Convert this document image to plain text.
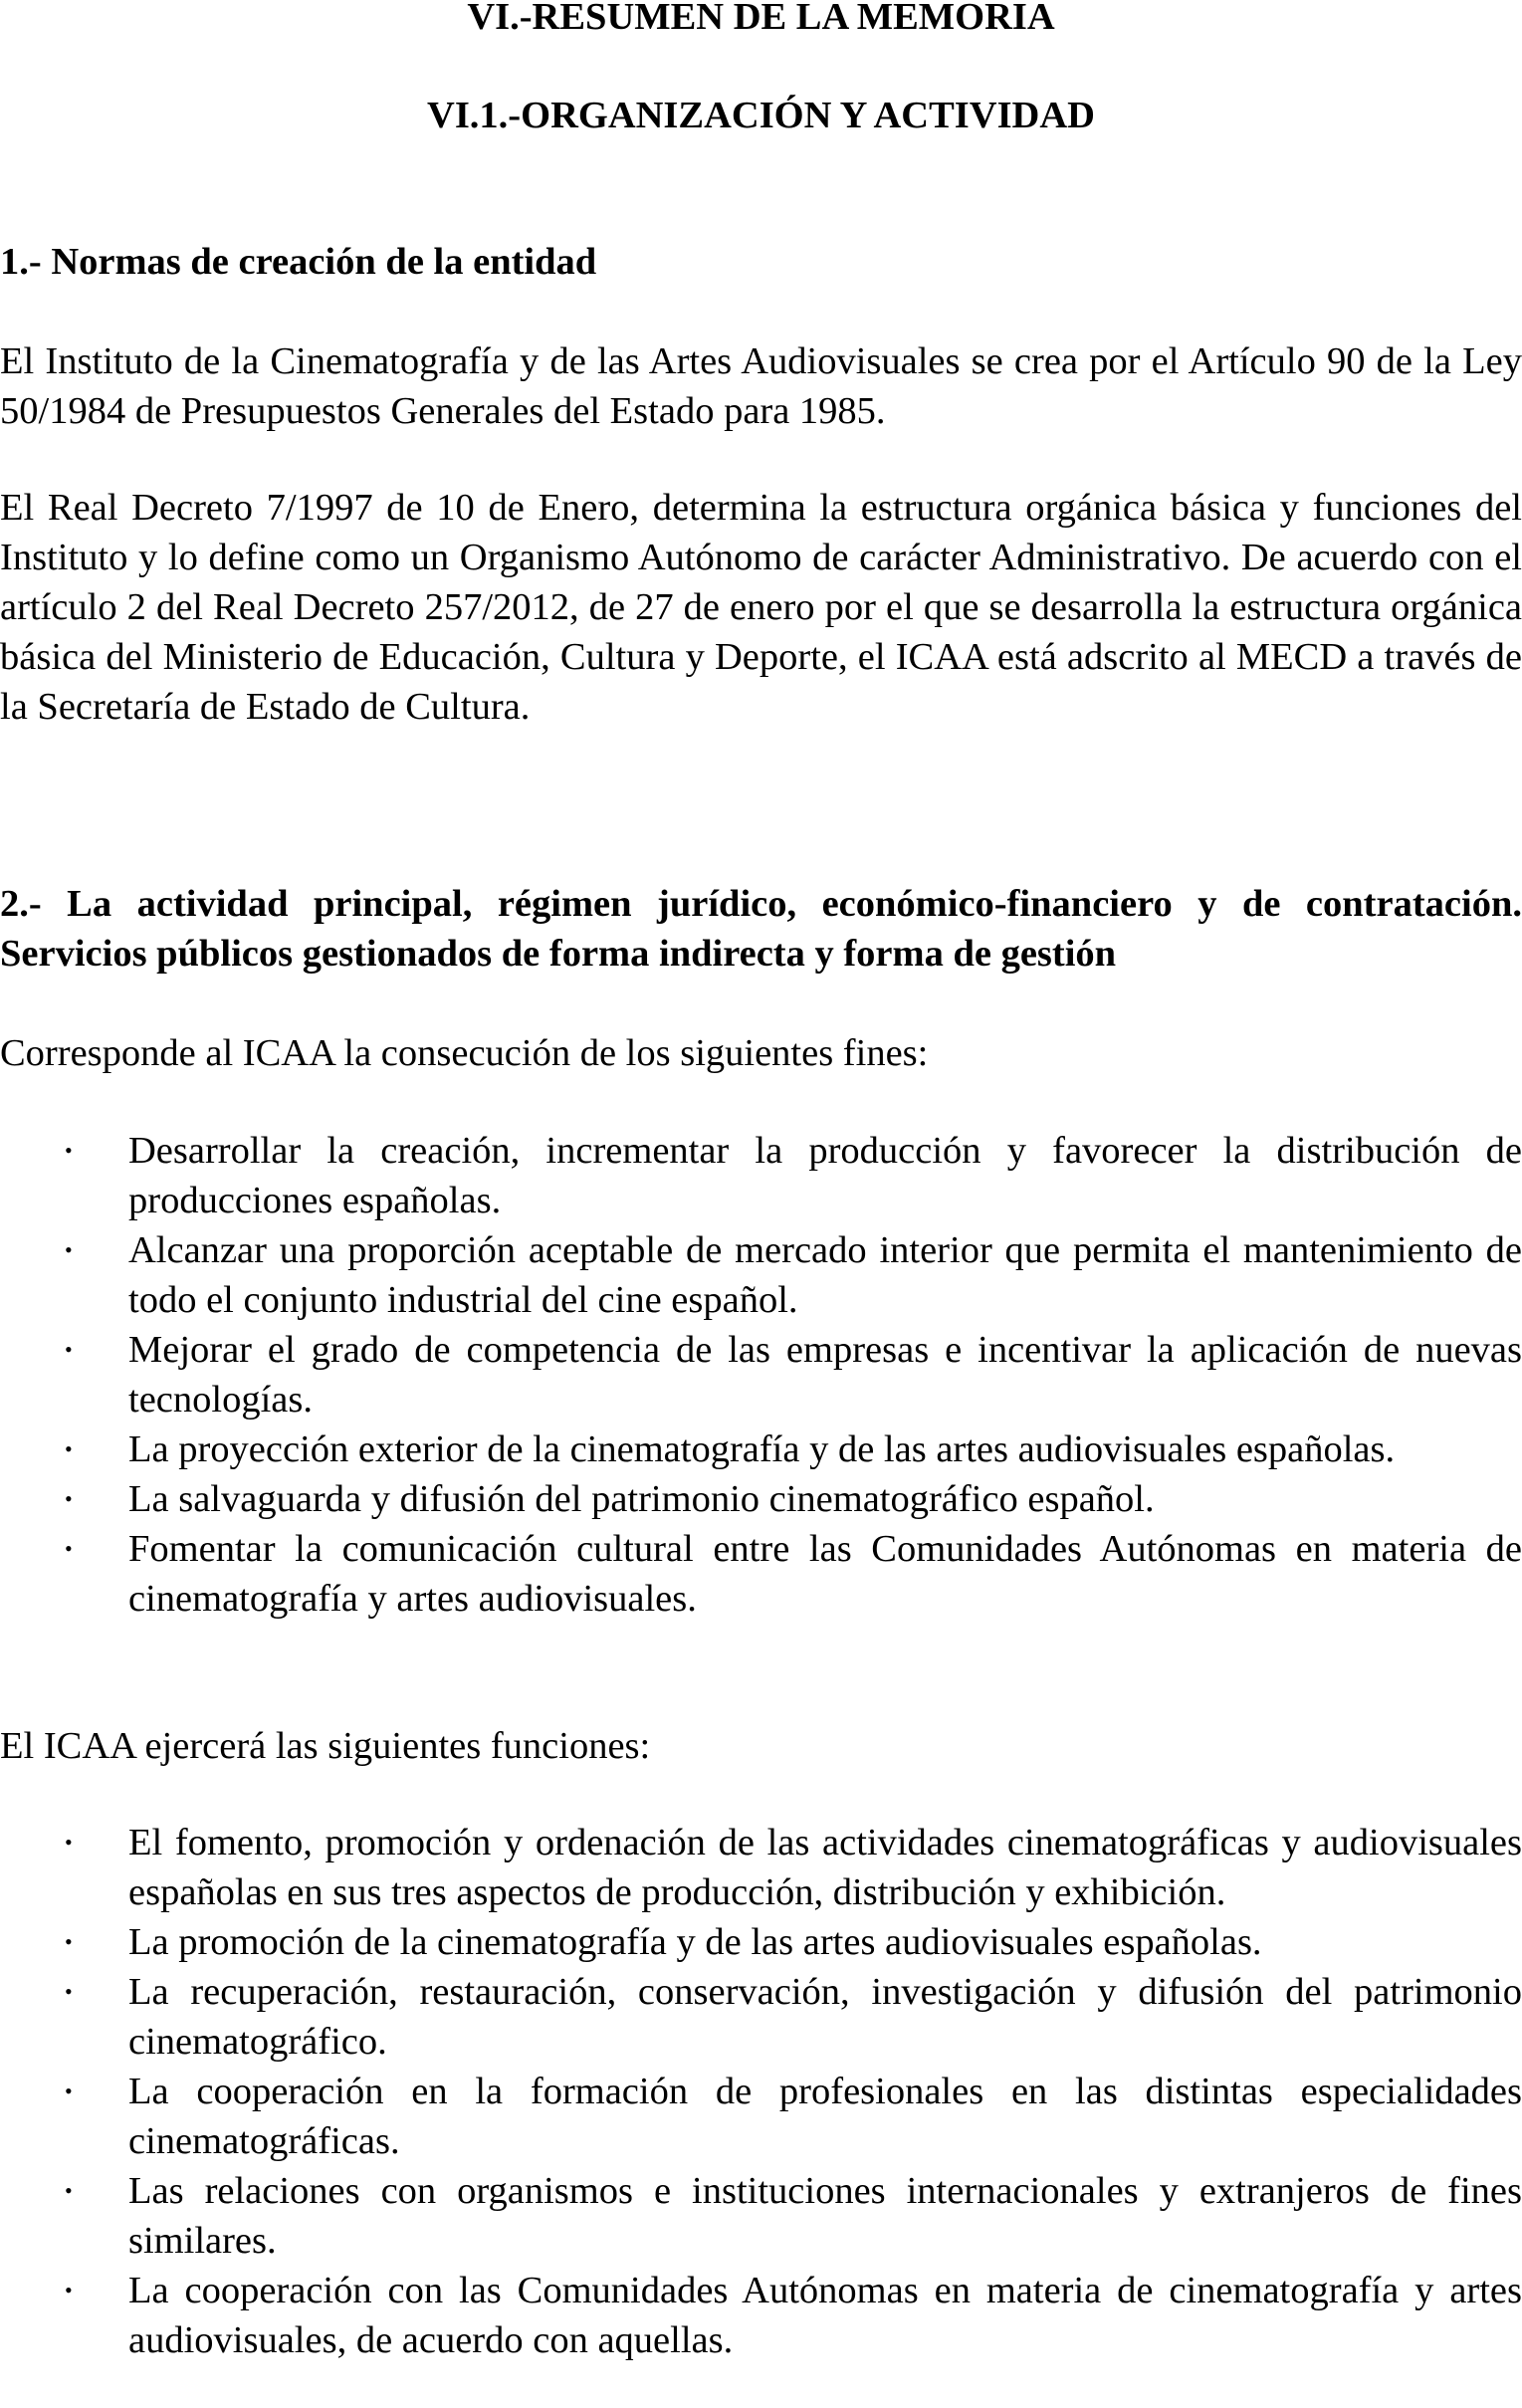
VI.-RESUMEN DE LA MEMORIA
VI.1.-ORGANIZACIÓN Y ACTIVIDAD
1.- Normas de creación de la entidad

El Instituto de la Cinematografía y de las Artes Audiovisuales se crea por el Artículo 90 de la Ley 50/1984 de Presupuestos Generales del Estado para 1985.

El Real Decreto 7/1997 de 10 de Enero, determina la estructura orgánica básica y funciones del Instituto y lo define como un Organismo Autónomo de carácter Administrativo. De acuerdo con el artículo 2 del Real Decreto 257/2012, de 27 de enero por el que se desarrolla la estructura orgánica básica del Ministerio de Educación, Cultura y Deporte, el ICAA está adscrito al MECD a través de la Secretaría de Estado de Cultura.

2.- La actividad principal, régimen jurídico, económico-financiero y de contratación. Servicios públicos gestionados de forma indirecta y forma de gestión

Corresponde al ICAA la consecución de los siguientes fines:

• Desarrollar la creación, incrementar la producción y favorecer la distribución de producciones españolas.
• Alcanzar una proporción aceptable de mercado interior que permita el mantenimiento de todo el conjunto industrial del cine español.
• Mejorar el grado de competencia de las empresas e incentivar la aplicación de nuevas tecnologías.
• La proyección exterior de la cinematografía y de las artes audiovisuales españolas.
• La salvaguarda y difusión del patrimonio cinematográfico español.
• Fomentar la comunicación cultural entre las Comunidades Autónomas en materia de cinematografía y artes audiovisuales.

El ICAA ejercerá las siguientes funciones:

• El fomento, promoción y ordenación de las actividades cinematográficas y audiovisuales españolas en sus tres aspectos de producción, distribución y exhibición.
• La promoción de la cinematografía y de las artes audiovisuales españolas.
• La recuperación, restauración, conservación, investigación y difusión del patrimonio cinematográfico.
• La cooperación en la formación de profesionales en las distintas especialidades cinematográficas.
• Las relaciones con organismos e instituciones internacionales y extranjeros de fines similares.
• La cooperación con las Comunidades Autónomas en materia de cinematografía y artes audiovisuales, de acuerdo con aquellas.
